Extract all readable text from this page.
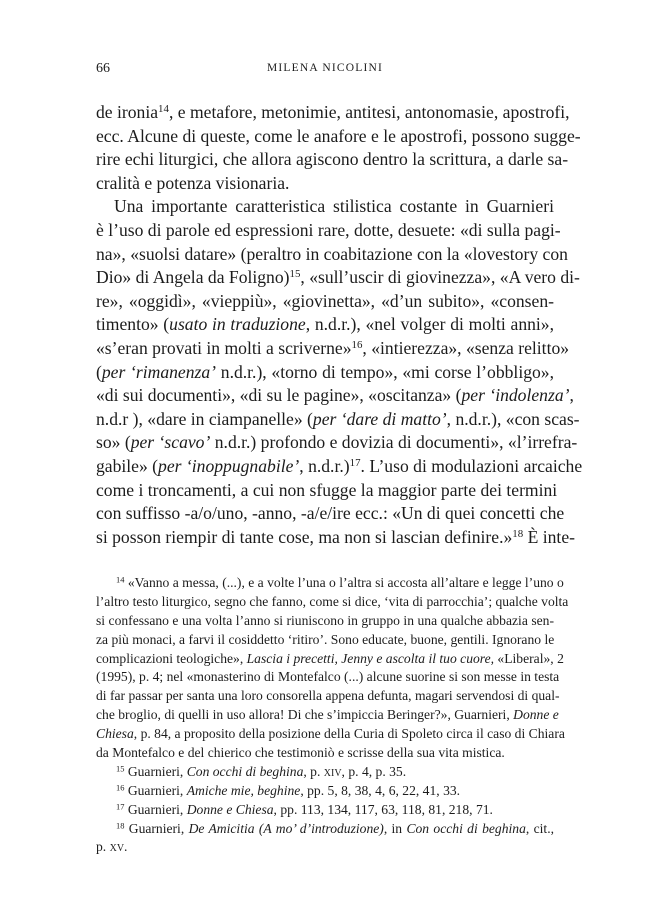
66	MILENA NICOLINI
de ironia$^{14}$, e metafore, metonimie, antitesi, antonomasie, apostrofi,
ecc. Alcune di queste, come le anafore e le apostrofi, possono sugge-
rire echi liturgici, che allora agiscono dentro la scrittura, a darle sa-
cralità e potenza visionaria.
Una importante caratteristica stilistica costante in Guarnieri
è l’uso di parole ed espressioni rare, dotte, desuete: «di sulla pagi-
na», «suolsi datare» (peraltro in coabitazione con la «lovestory con
Dio» di Angela da Foligno)$^{15}$, «sull’uscir di giovinezza», «A vero di-
re», «oggidì», «vieppiù», «giovinetta», «d’un subito», «consen-
timento» (usato in traduzione, n.d.r.), «nel volger di molti anni»,
«s’eran provati in molti a scriverne»$^{16}$, «intierezza», «senza relitto»
(per ‘rimanenza’ n.d.r.), «torno di tempo», «mi corse l’obbligo»,
«di sui documenti», «di su le pagine», «oscitanza» (per ‘indolenza’,
n.d.r ), «dare in ciampanelle» (per ‘dare di matto’, n.d.r.), «con scas-
so» (per ‘scavo’ n.d.r.) profondo e dovizia di documenti», «l’irrefra-
gabile» (per ‘inoppugnabile’, n.d.r.)$^{17}$. L’uso di modulazioni arcaiche
come i troncamenti, a cui non sfugge la maggior parte dei termini
con suffisso -a/o/uno, -anno, -a/e/ire ecc.: «Un di quei concetti che
si posson riempir di tante cose, ma non si lascian definire.»$^{18}$ È inte-
$^{14}$ «Vanno a messa, (...), e a volte l’una o l’altra si accosta all’altare e legge l’uno o
l’altro testo liturgico, segno che fanno, come si dice, ‘vita di parrocchia’; qualche volta
si confessano e una volta l’anno si riuniscono in gruppo in una qualche abbazia sen-
za più monaci, a farvi il cosiddetto ‘ritiro’. Sono educate, buone, gentili. Ignorano le
complicazioni teologiche», Lascia i precetti, Jenny e ascolta il tuo cuore, «Liberal», 2
(1995), p. 4; nel «monasterino di Montefalco (...) alcune suorine si son messe in testa
di far passar per santa una loro consorella appena defunta, magari servendosi di qual-
che broglio, di quelli in uso allora! Di che s’impiccia Beringer?», Guarnieri, Donne e
Chiesa, p. 84, a proposito della posizione della Curia di Spoleto circa il caso di Chiara
da Montefalco e del chierico che testimoniò e scrisse della sua vita mistica.
$^{15}$ Guarnieri, Con occhi di beghina, p. xiv, p. 4, p. 35.
$^{16}$ Guarnieri, Amiche mie, beghine, pp. 5, 8, 38, 4, 6, 22, 41, 33.
$^{17}$ Guarnieri, Donne e Chiesa, pp. 113, 134, 117, 63, 118, 81, 218, 71.
$^{18}$ Guarnieri, De Amicitia (A mo’ d’introduzione), in Con occhi di beghina, cit.,
p. xv.
